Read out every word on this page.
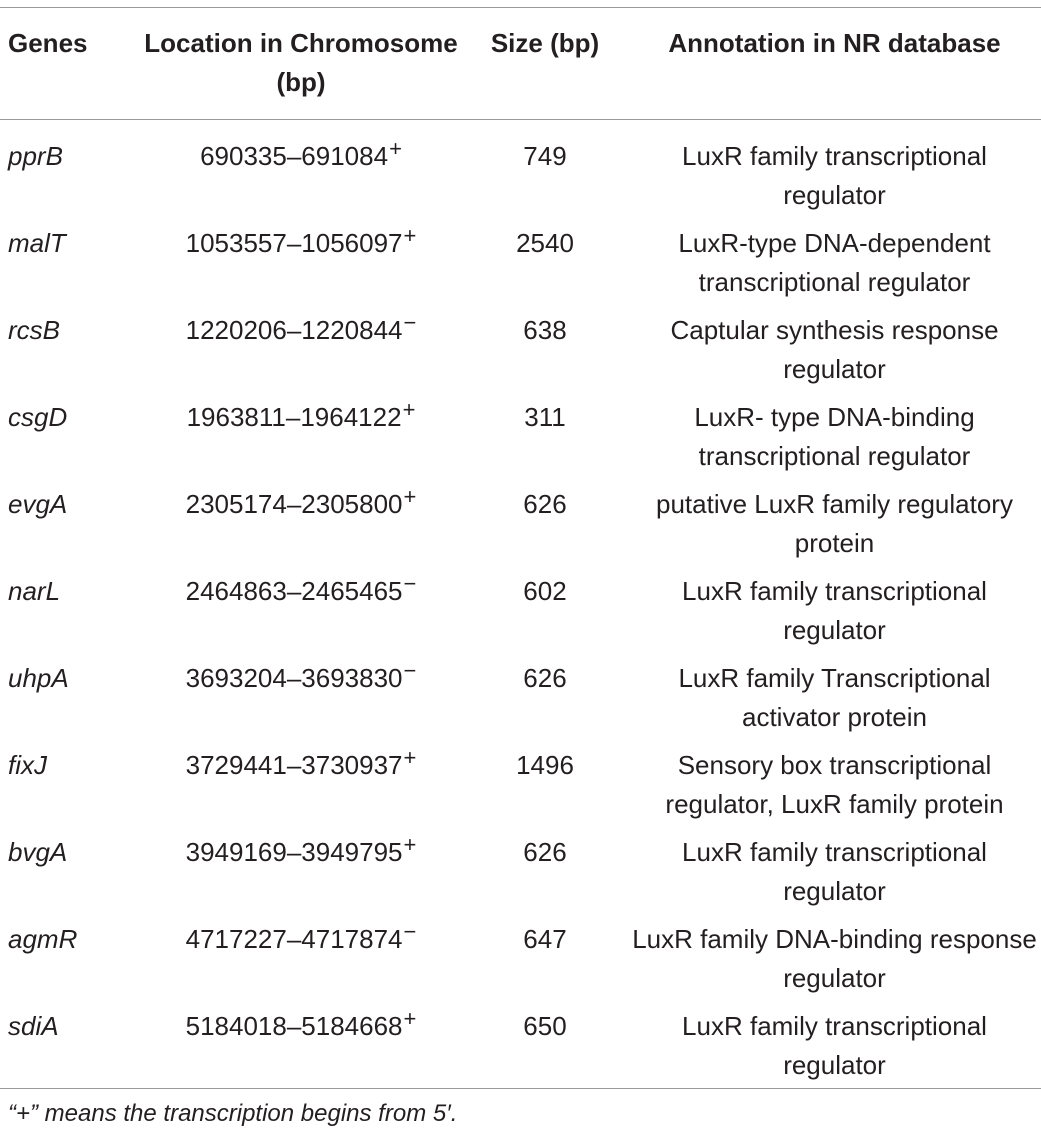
Genes	Location in Chromosome (bp)	Size (bp)	Annotation in NR database
pprB	690335–691084+	749	LuxR family transcriptional regulator
malT	1053557–1056097+	2540	LuxR-type DNA-dependent transcriptional regulator
rcsB	1220206–1220844−	638	Captular synthesis response regulator
csgD	1963811–1964122+	311	LuxR- type DNA-binding transcriptional regulator
evgA	2305174–2305800+	626	putative LuxR family regulatory protein
narL	2464863–2465465−	602	LuxR family transcriptional regulator
uhpA	3693204–3693830−	626	LuxR family Transcriptional activator protein
fixJ	3729441–3730937+	1496	Sensory box transcriptional regulator, LuxR family protein
bvgA	3949169–3949795+	626	LuxR family transcriptional regulator
agmR	4717227–4717874−	647	LuxR family DNA-binding response regulator
sdiA	5184018–5184668+	650	LuxR family transcriptional regulator
“+” means the transcription begins from 5′.
